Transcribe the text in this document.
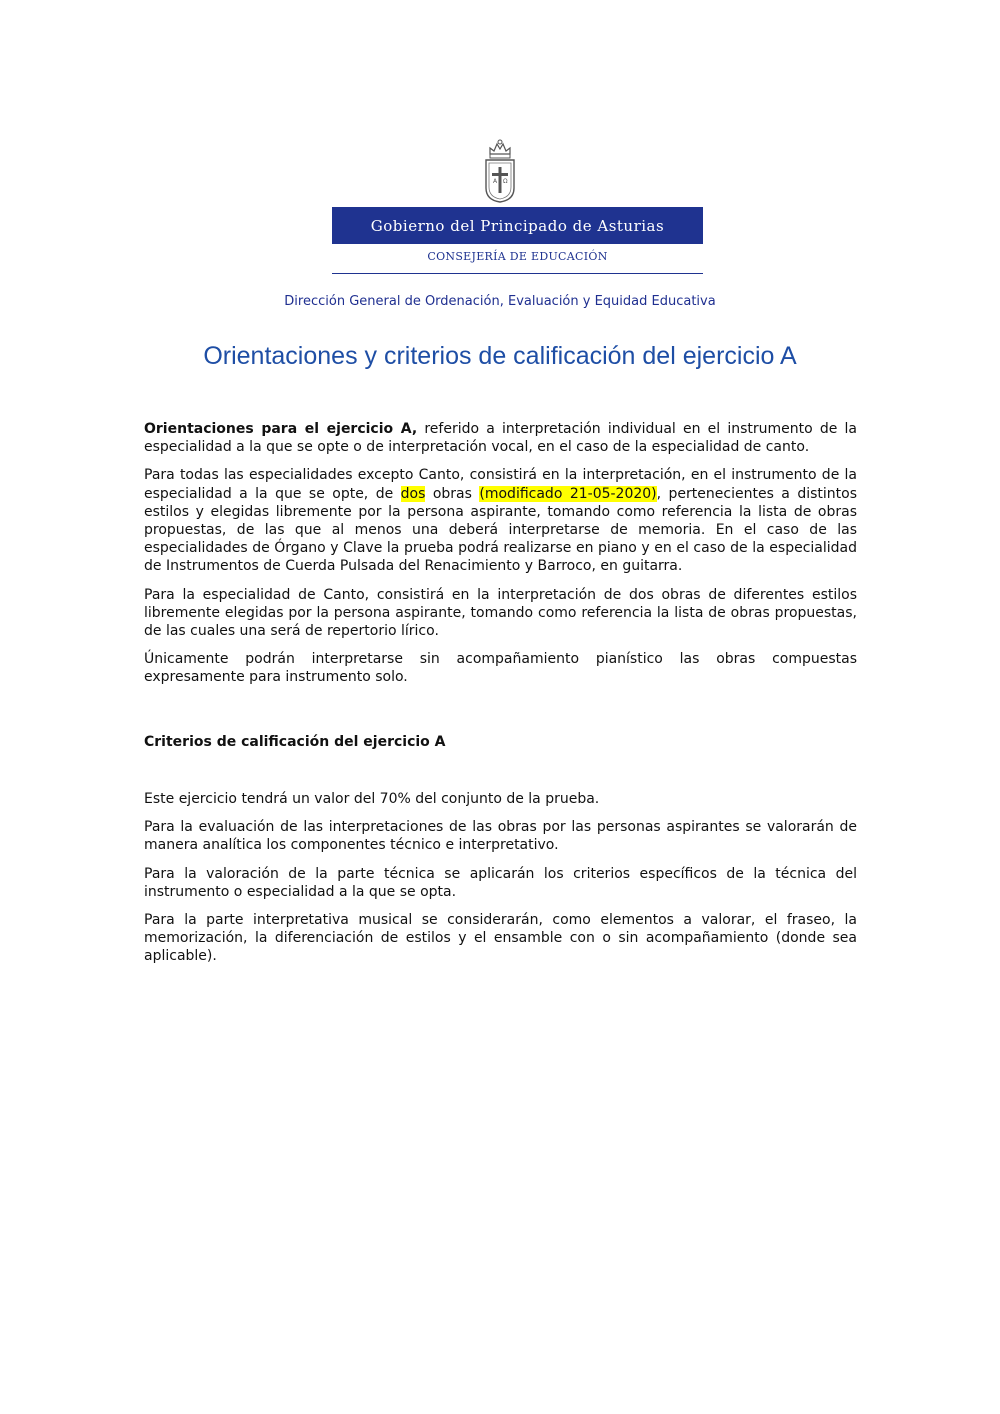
A Ω
Gobierno del Principado de Asturias
CONSEJERÍA DE EDUCACIÓN
Dirección General de Ordenación, Evaluación y Equidad Educativa
Orientaciones y criterios de calificación del ejercicio A

Orientaciones para el ejercicio A, referido a interpretación individual en el instrumento de la especialidad a la que se opte o de interpretación vocal, en el caso de la especialidad de canto.

Para todas las especialidades excepto Canto, consistirá en la interpretación, en el instrumento de la especialidad a la que se opte, de dos obras (modificado 21-05-2020), pertenecientes a distintos estilos y elegidas libremente por la persona aspirante, tomando como referencia la lista de obras propuestas, de las que al menos una deberá interpretarse de memoria. En el caso de las especialidades de Órgano y Clave la prueba podrá realizarse en piano y en el caso de la especialidad de Instrumentos de Cuerda Pulsada del Renacimiento y Barroco, en guitarra.

Para la especialidad de Canto, consistirá en la interpretación de dos obras de diferentes estilos libremente elegidas por la persona aspirante, tomando como referencia la lista de obras propuestas, de las cuales una será de repertorio lírico.

Únicamente podrán interpretarse sin acompañamiento pianístico las obras compuestas expresamente para instrumento solo.

Criterios de calificación del ejercicio A

Este ejercicio tendrá un valor del 70% del conjunto de la prueba.

Para la evaluación de las interpretaciones de las obras por las personas aspirantes se valorarán de manera analítica los componentes técnico e interpretativo.

Para la valoración de la parte técnica se aplicarán los criterios específicos de la técnica del instrumento o especialidad a la que se opta.

Para la parte interpretativa musical se considerarán, como elementos a valorar, el fraseo, la memorización, la diferenciación de estilos y el ensamble con o sin acompañamiento (donde sea aplicable).
